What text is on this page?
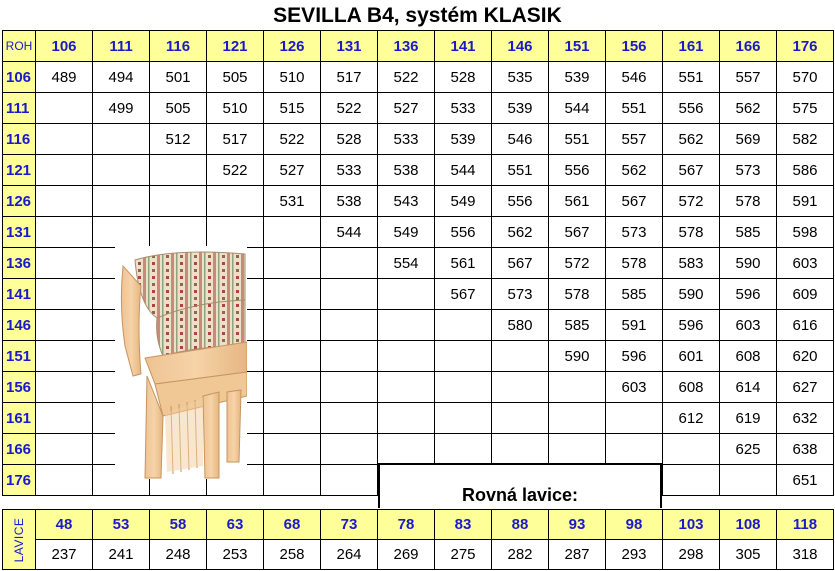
SEVILLA B4, systém KLASIK
ROH	106	111	116	121	126	131	136	141	146	151	156	161	166	176
106	489	494	501	505	510	517	522	528	535	539	546	551	557	570
111		499	505	510	515	522	527	533	539	544	551	556	562	575
116			512	517	522	528	533	539	546	551	557	562	569	582
121				522	527	533	538	544	551	556	562	567	573	586
126					531	538	543	549	556	561	567	572	578	591
131						544	549	556	562	567	573	578	585	598
136							554	561	567	572	578	583	590	603
141								567	573	578	585	590	596	609
146									580	585	591	596	603	616
151										590	596	601	608	620
156											603	608	614	627
161												612	619	632
166													625	638
176														651
Rovná lavice:
LAVICE	48	53	58	63	68	73	78	83	88	93	98	103	108	118
	237	241	248	253	258	264	269	275	282	287	293	298	305	318
